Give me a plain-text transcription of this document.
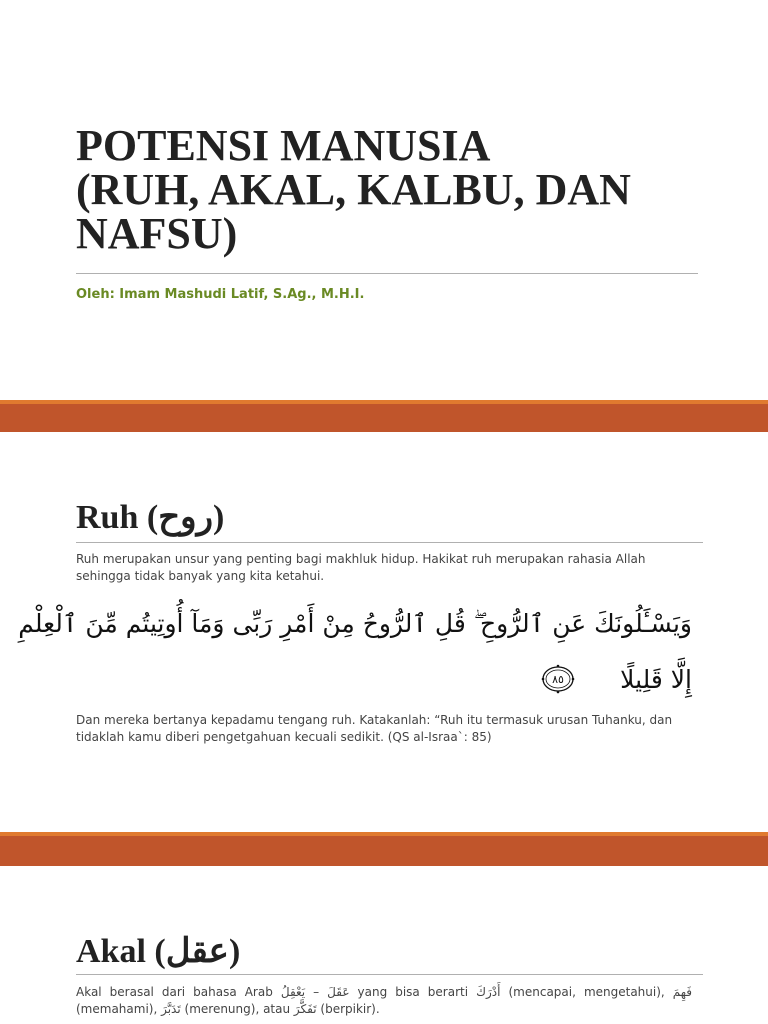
POTENSI MANUSIA
(RUH, AKAL, KALBU, DAN
NAFSU)

Oleh: Imam Mashudi Latif, S.Ag., M.H.I.

Ruh (روح)

Ruh merupakan unsur yang penting bagi makhluk hidup. Hakikat ruh merupakan rahasia Allah sehingga tidak banyak yang kita ketahui.

وَيَسْـَٔلُونَكَ عَنِ ٱلرُّوحِ ۖ قُلِ ٱلرُّوحُ مِنْ أَمْرِ رَبِّى وَمَآ أُوتِيتُم مِّنَ ٱلْعِلْمِ

إِلَّا قَلِيلًا

٨٥

Dan mereka bertanya kepadamu tengang ruh. Katakanlah: “Ruh itu termasuk urusan Tuhanku, dan tidaklah kamu diberi pengetgahuan kecuali sedikit. (QS al-Israa`: 85)

Akal (عقل)

Akal berasal dari bahasa Arab عَقَلَ – يَعْقِلُ yang bisa berarti أَدْرَكَ (mencapai, mengetahui), فَهِمَ (memahami), تَدَبَّرَ (merenung), atau تَفَكَّرَ (berpikir).
